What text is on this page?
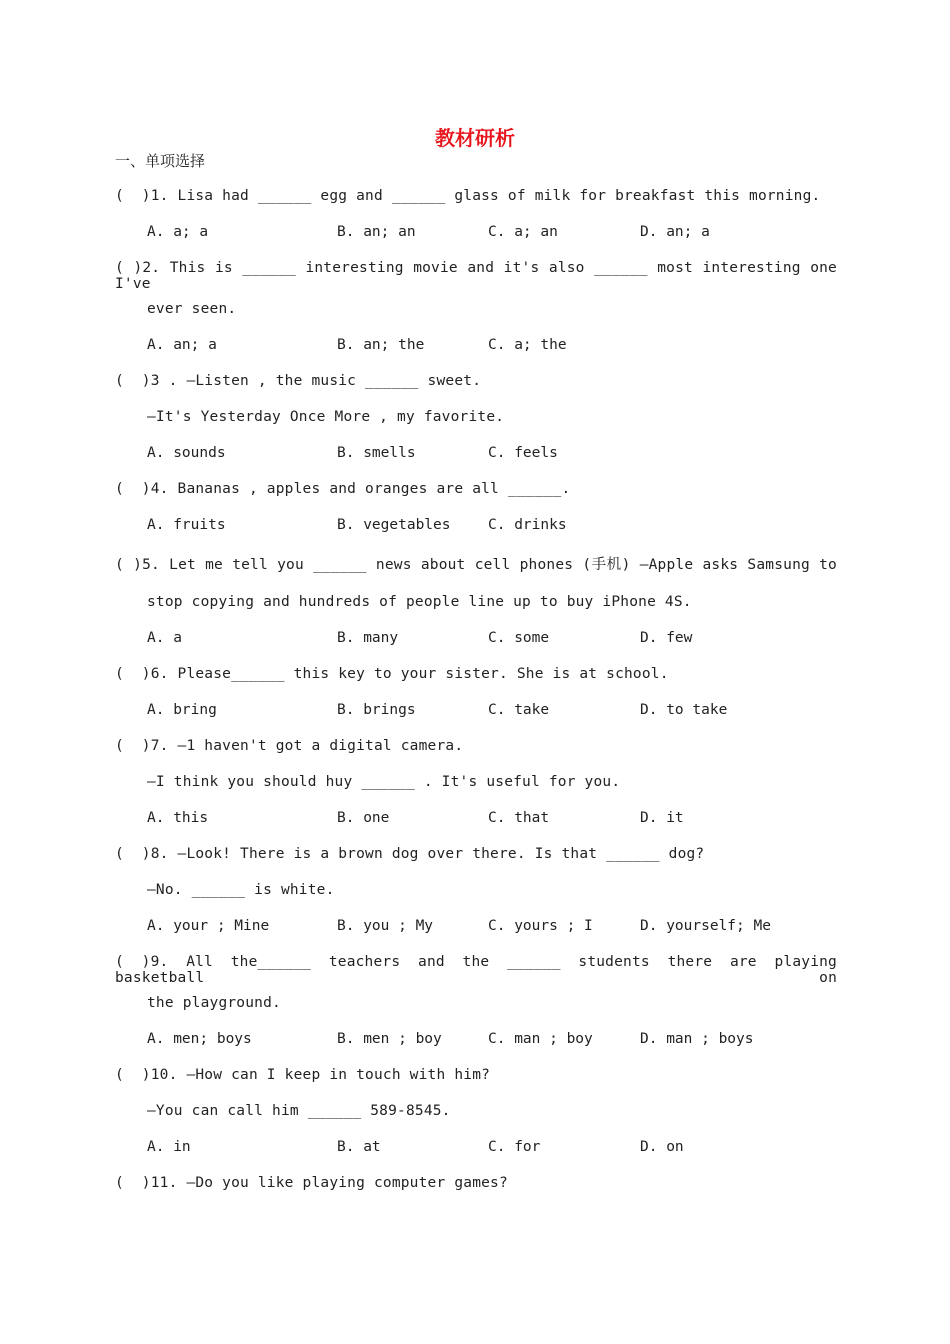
教材研析
一、单项选择
(  )1. Lisa had ______ egg and ______ glass of milk for breakfast this morning.
A. a; a	B. an; an	C. a; an	D. an; a
( )2. This is ______ interesting movie and it's also ______ most interesting one I've
ever seen.
A. an; a	B. an; the	C. a; the
(  )3 . —Listen , the music ______ sweet.
—It's Yesterday Once More , my favorite.
A. sounds	B. smells	C. feels
(  )4. Bananas , apples and oranges are all ______.
A. fruits	B. vegetables	C. drinks
( )5. Let me tell you ______ news about cell phones (手机) —Apple asks Samsung to
stop copying and hundreds of people line up to buy iPhone 4S.
A. a	B. many	C. some	D. few
(  )6. Please______ this key to your sister. She is at school.
A. bring	B. brings	C. take	D. to take
(  )7. —1 haven't got a digital camera.
—I think you should huy ______ . It's useful for you.
A. this	B. one	C. that	D. it
(  )8. —Look! There is a brown dog over there. Is that ______ dog?
—No. ______ is white.
A. your ; Mine	B. you ; My	C. yours ; I	D. yourself; Me
( )9. All the______ teachers and the ______ students there are playing basketball on
the playground.
A. men; boys	B. men ; boy	C. man ; boy	D. man ; boys
(  )10. —How can I keep in touch with him?
—You can call him ______ 589-8545.
A. in	B. at	C. for	D. on
(  )11. —Do you like playing computer games?
